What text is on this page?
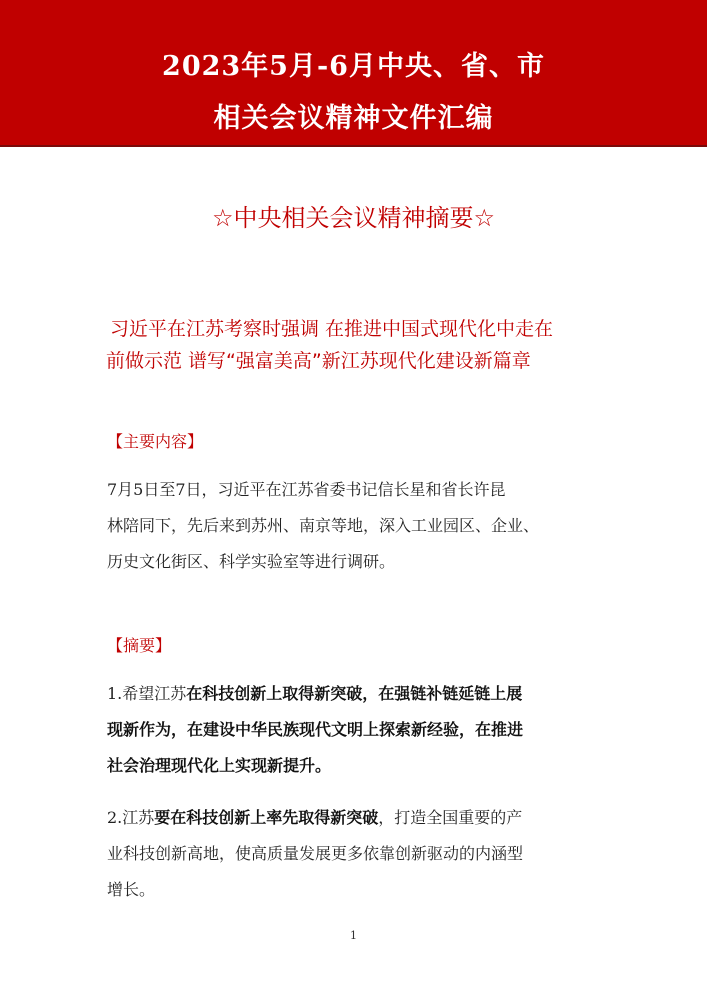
2023年5月-6月中央、省、市
相关会议精神文件汇编
☆中央相关会议精神摘要☆
习近平在江苏考察时强调 在推进中国式现代化中走在
前做示范 谱写“强富美高”新江苏现代化建设新篇章
【主要内容】
7月5日至7日，习近平在江苏省委书记信长星和省长许昆
林陪同下，先后来到苏州、南京等地，深入工业园区、企业、
历史文化街区、科学实验室等进行调研。
【摘要】
1.希望江苏在科技创新上取得新突破，在强链补链延链上展
现新作为，在建设中华民族现代文明上探索新经验，在推进
社会治理现代化上实现新提升。
2.江苏要在科技创新上率先取得新突破，打造全国重要的产
业科技创新高地，使高质量发展更多依靠创新驱动的内涵型
增长。
1
